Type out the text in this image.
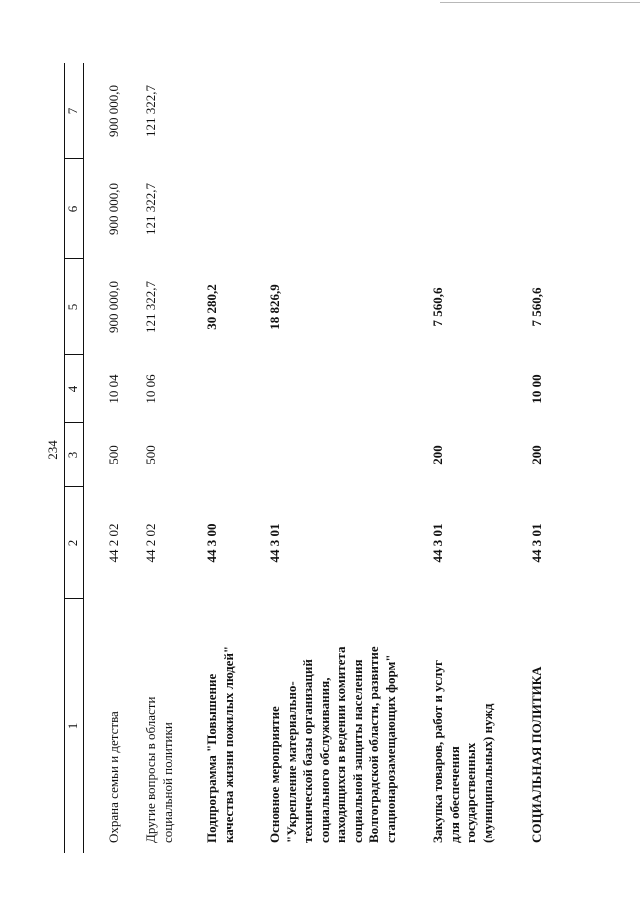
234
1
2
3
4
5
6
7
Охрана семьи и детства
44 2 02
500
10 04
900 000,0
900 000,0
900 000,0
Другие вопросы в области социальной политики
44 2 02
500
10 06
121 322,7
121 322,7
121 322,7
Подпрограмма "Повышение качества жизни пожилых людей"
44 3 00
30 280,2
Основное мероприятие "Укрепление материально- технической базы организаций социального обслуживания, находящихся в ведении комитета социальной защиты населения Волгоградской области, развитие стационарозамещающих форм"
44 3 01
18 826,9
Закупка товаров, работ и услуг для обеспечения государственных (муниципальных) нужд
44 3 01
200
7 560,6
СОЦИАЛЬНАЯ ПОЛИТИКА
44 3 01
200
10 00
7 560,6
